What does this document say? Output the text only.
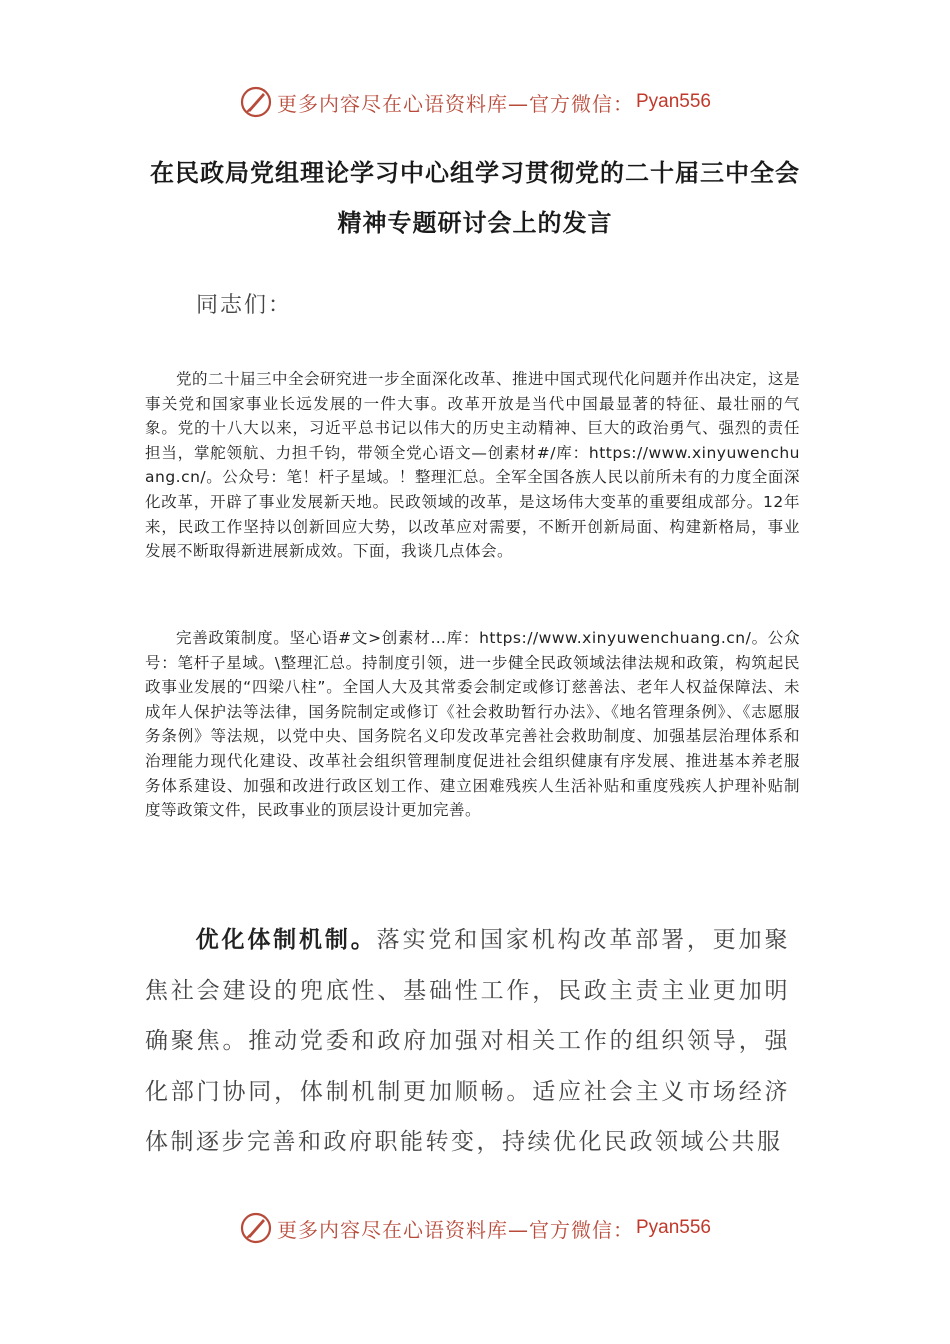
更多内容尽在心语资料库—官方微信： Pyan556
在民政局党组理论学习中心组学习贯彻党的二十届三中全会精神专题研讨会上的发言
同志们：

党的二十届三中全会研究进一步全面深化改革、推进中国式现代化问题并作出决定，这是事关党和国家事业长远发展的一件大事。改革开放是当代中国最显著的特征、最壮丽的气象。党的十八大以来，习近平总书记以伟大的历史主动精神、巨大的政治勇气、强烈的责任担当，掌舵领航、力担千钧，带领全党心语文—创素材#/库：https://www.xinyuwenchuang.cn/。公众号：笔！杆子星域。！整理汇总。全军全国各族人民以前所未有的力度全面深化改革，开辟了事业发展新天地。民政领域的改革，是这场伟大变革的重要组成部分。12年来，民政工作坚持以创新回应大势，以改革应对需要，不断开创新局面、构建新格局，事业发展不断取得新进展新成效。下面，我谈几点体会。

完善政策制度。坚心语#文>创素材…库：https://www.xinyuwenchuang.cn/。公众号：笔杆子星域。\整理汇总。持制度引领，进一步健全民政领域法律法规和政策，构筑起民政事业发展的“四梁八柱”。全国人大及其常委会制定或修订慈善法、老年人权益保障法、未成年人保护法等法律，国务院制定或修订《社会救助暂行办法》、《地名管理条例》、《志愿服务条例》等法规，以党中央、国务院名义印发改革完善社会救助制度、加强基层治理体系和治理能力现代化建设、改革社会组织管理制度促进社会组织健康有序发展、推进基本养老服务体系建设、加强和改进行政区划工作、建立困难残疾人生活补贴和重度残疾人护理补贴制度等政策文件，民政事业的顶层设计更加完善。

优化体制机制。落实党和国家机构改革部署，更加聚焦社会建设的兜底性、基础性工作，民政主责主业更加明确聚焦。推动党委和政府加强对相关工作的组织领导，强化部门协同，体制机制更加顺畅。适应社会主义市场经济体制逐步完善和政府职能转变，持续优化民政领域公共服

更多内容尽在心语资料库—官方微信： Pyan556
